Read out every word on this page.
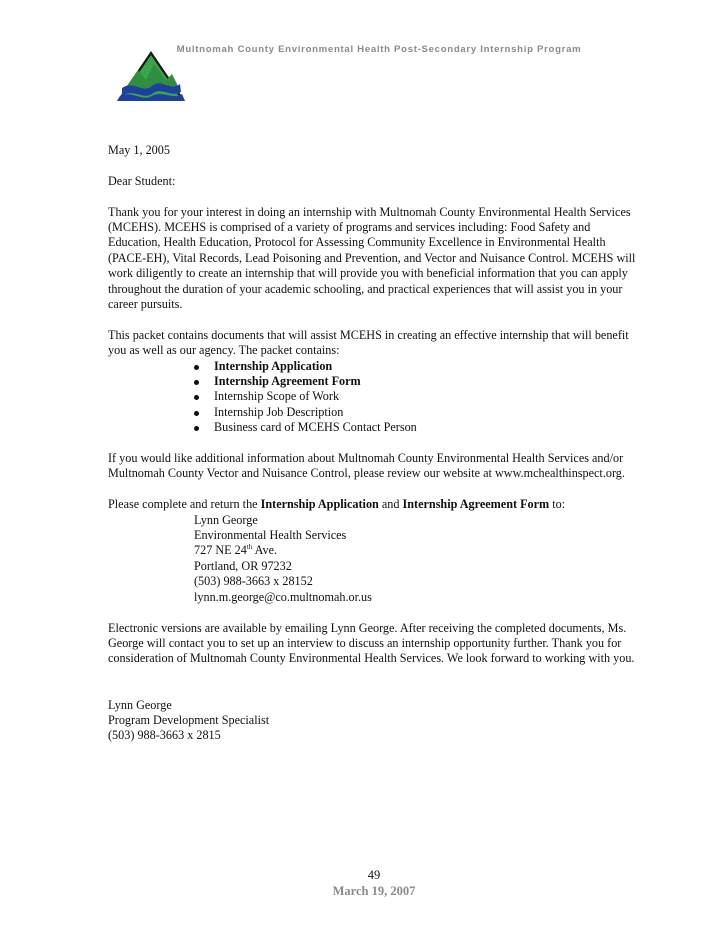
Multnomah County Environmental Health Post-Secondary Internship Program

May 1, 2005

Dear Student:

Thank you for your interest in doing an internship with Multnomah County Environmental Health Services (MCEHS). MCEHS is comprised of a variety of programs and services including: Food Safety and Education, Health Education, Protocol for Assessing Community Excellence in Environmental Health (PACE-EH), Vital Records, Lead Poisoning and Prevention, and Vector and Nuisance Control. MCEHS will work diligently to create an internship that will provide you with beneficial information that you can apply throughout the duration of your academic schooling, and practical experiences that will assist you in your career pursuits.

This packet contains documents that will assist MCEHS in creating an effective internship that will benefit you as well as our agency. The packet contains:

Internship Application
Internship Agreement Form
Internship Scope of Work
Internship Job Description
Business card of MCEHS Contact Person

If you would like additional information about Multnomah County Environmental Health Services and/or Multnomah County Vector and Nuisance Control, please review our website at www.mchealthinspect.org.

Please complete and return the Internship Application and Internship Agreement Form to:

Lynn George
Environmental Health Services
727 NE 24th Ave.
Portland, OR 97232
(503) 988-3663 x 28152
lynn.m.george@co.multnomah.or.us

Electronic versions are available by emailing Lynn George. After receiving the completed documents, Ms. George will contact you to set up an interview to discuss an internship opportunity further. Thank you for consideration of Multnomah County Environmental Health Services. We look forward to working with you.

Lynn George
Program Development Specialist
(503) 988-3663 x 2815
49
March 19, 2007
